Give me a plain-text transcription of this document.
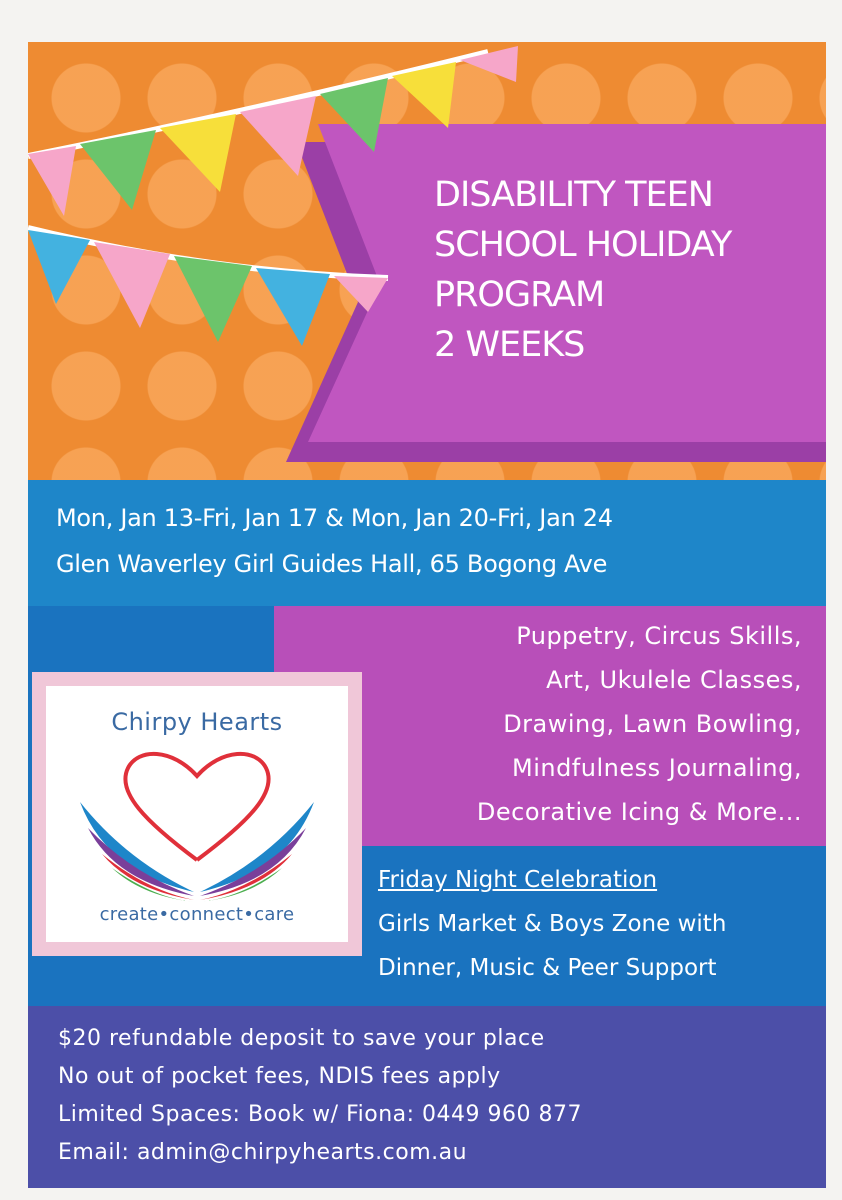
DISABILITY TEEN
SCHOOL HOLIDAY
PROGRAM
2 WEEKS
Mon, Jan 13-Fri, Jan 17 & Mon, Jan 20-Fri, Jan 24
Glen Waverley Girl Guides Hall, 65 Bogong Ave
Puppetry, Circus Skills,
Art, Ukulele Classes,
Drawing, Lawn Bowling,
Mindfulness Journaling,
Decorative Icing & More...
Chirpy Hearts
create•connect•care
Friday Night Celebration
Girls Market & Boys Zone with
Dinner, Music & Peer Support
$20 refundable deposit to save your place
No out of pocket fees, NDIS fees apply
Limited Spaces: Book w/ Fiona: 0449 960 877
Email: admin@chirpyhearts.com.au
